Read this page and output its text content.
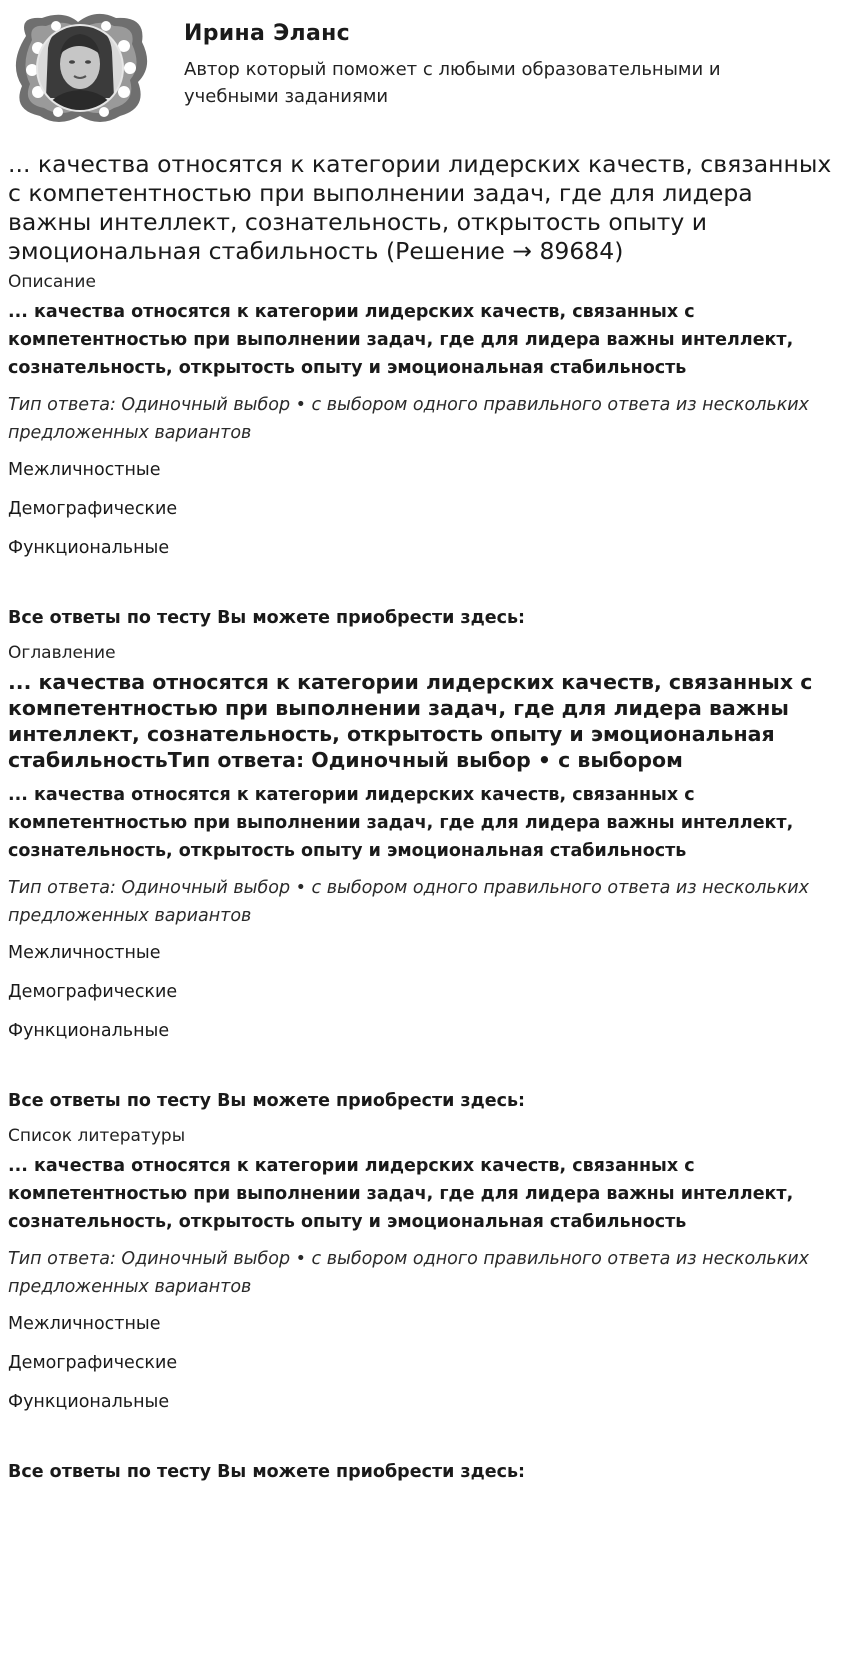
Ирина Эланс

Автор который поможет с любыми образовательными и учебными заданиями

... качества относятся к категории лидерских качеств, связанных с компетентностью при выполнении задач, где для лидера важны интеллект, сознательность, открытость опыту и эмоциональная стабильность (Решение → 89684)
Описание

... качества относятся к категории лидерских качеств, связанных с компетентностью при выполнении задач, где для лидера важны интеллект, сознательность, открытость опыту и эмоциональная стабильность

Тип ответа: Одиночный выбор • с выбором одного правильного ответа из нескольких предложенных вариантов

Межличностные

Демографические

Функциональные

Все ответы по тесту Вы можете приобрести здесь:

Оглавление
... качества относятся к категории лидерских качеств, связанных с компетентностью при выполнении задач, где для лидера важны интеллект, сознательность, открытость опыту и эмоциональная стабильностьТип ответа: Одиночный выбор • с выбором

... качества относятся к категории лидерских качеств, связанных с компетентностью при выполнении задач, где для лидера важны интеллект, сознательность, открытость опыту и эмоциональная стабильность

Тип ответа: Одиночный выбор • с выбором одного правильного ответа из нескольких предложенных вариантов

Межличностные

Демографические

Функциональные

Все ответы по тесту Вы можете приобрести здесь:

Список литературы

... качества относятся к категории лидерских качеств, связанных с компетентностью при выполнении задач, где для лидера важны интеллект, сознательность, открытость опыту и эмоциональная стабильность

Тип ответа: Одиночный выбор • с выбором одного правильного ответа из нескольких предложенных вариантов

Межличностные

Демографические

Функциональные

Все ответы по тесту Вы можете приобрести здесь:
